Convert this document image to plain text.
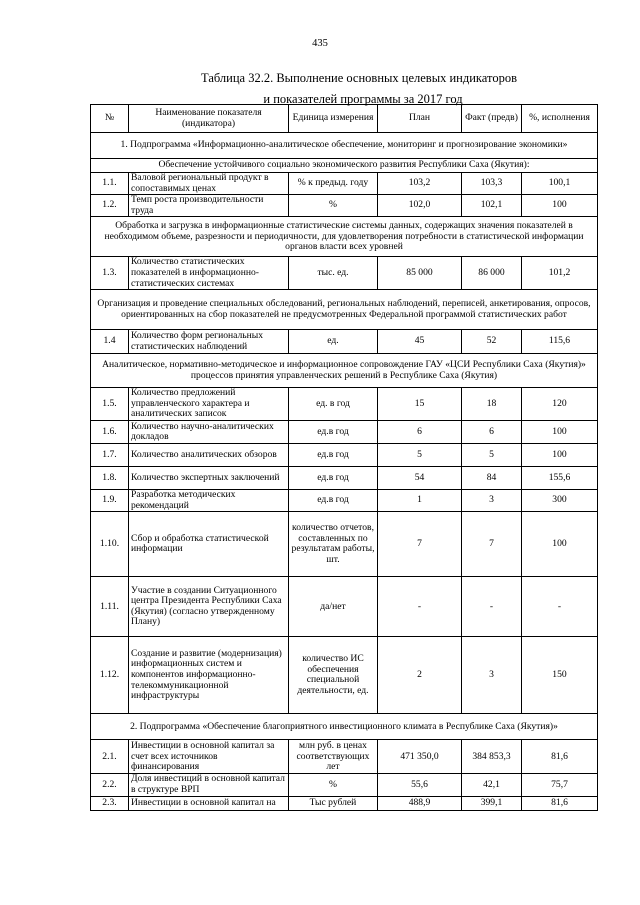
435
Таблица 32.2. Выполнение основных целевых индикаторов
и показателей программы за 2017 год
№	Наименование показателя (индикатора)	Единица измерения	План	Факт (предв)	%, исполнения
1. Подпрограмма «Информационно-аналитическое обеспечение, мониторинг и прогнозирование экономики»					
Обеспечение устойчивого социально экономического развития Республики Саха (Якутия):					
1.1.	Валовой региональный продукт в сопоставимых ценах	% к предыд. году	103,2	103,3	100,1
1.2.	Темп роста производительности труда	%	102,0	102,1	100
Обработка и загрузка в информационные статистические системы данных, содержащих значения показателей в необходимом объеме, разрезности и периодичности, для удовлетворения потребности в статистической информации органов власти всех уровней					
1.3.	Количество статистических показателей в информационно-статистических системах	тыс. ед.	85 000	86 000	101,2
Организация и проведение специальных обследований, региональных наблюдений, переписей, анкетирования, опросов, ориентированных на сбор показателей не предусмотренных Федеральной программой статистических работ					
1.4	Количество форм региональных статистических наблюдений	ед.	45	52	115,6
Аналитическое, нормативно-методическое и информационное сопровождение ГАУ «ЦСИ Республики Саха (Якутия)» процессов принятия управленческих решений в Республике Саха (Якутия)					
1.5.	Количество предложений управленческого характера и аналитических записок	ед. в год	15	18	120
1.6.	Количество научно-аналитических докладов	ед.в год	6	6	100
1.7.	Количество аналитических обзоров	ед.в год	5	5	100
1.8.	Количество экспертных заключений	ед.в год	54	84	155,6
1.9.	Разработка методических рекомендаций	ед.в год	1	3	300
1.10.	Сбор и обработка статистической информации	количество отчетов, составленных по результатам работы, шт.	7	7	100
1.11.	Участие в создании Ситуационного центра Президента Республики Саха (Якутия) (согласно утвержденному Плану)	да/нет	-	-	-
1.12.	Создание и развитие (модернизация) информационных систем и компонентов информационно-телекоммуникационной инфраструктуры	количество ИС обеспечения специальной деятельности, ед.	2	3	150
2. Подпрограмма «Обеспечение благоприятного инвестиционного климата в Республике Саха (Якутия)»					
2.1.	Инвестиции в основной капитал за счет всех источников финансирования	млн руб. в ценах соответствующих лет	471 350,0	384 853,3	81,6
2.2.	Доля инвестиций в основной капитал в структуре ВРП	%	55,6	42,1	75,7
2.3.	Инвестиции в основной капитал на	Тыс рублей	488,9	399,1	81,6
